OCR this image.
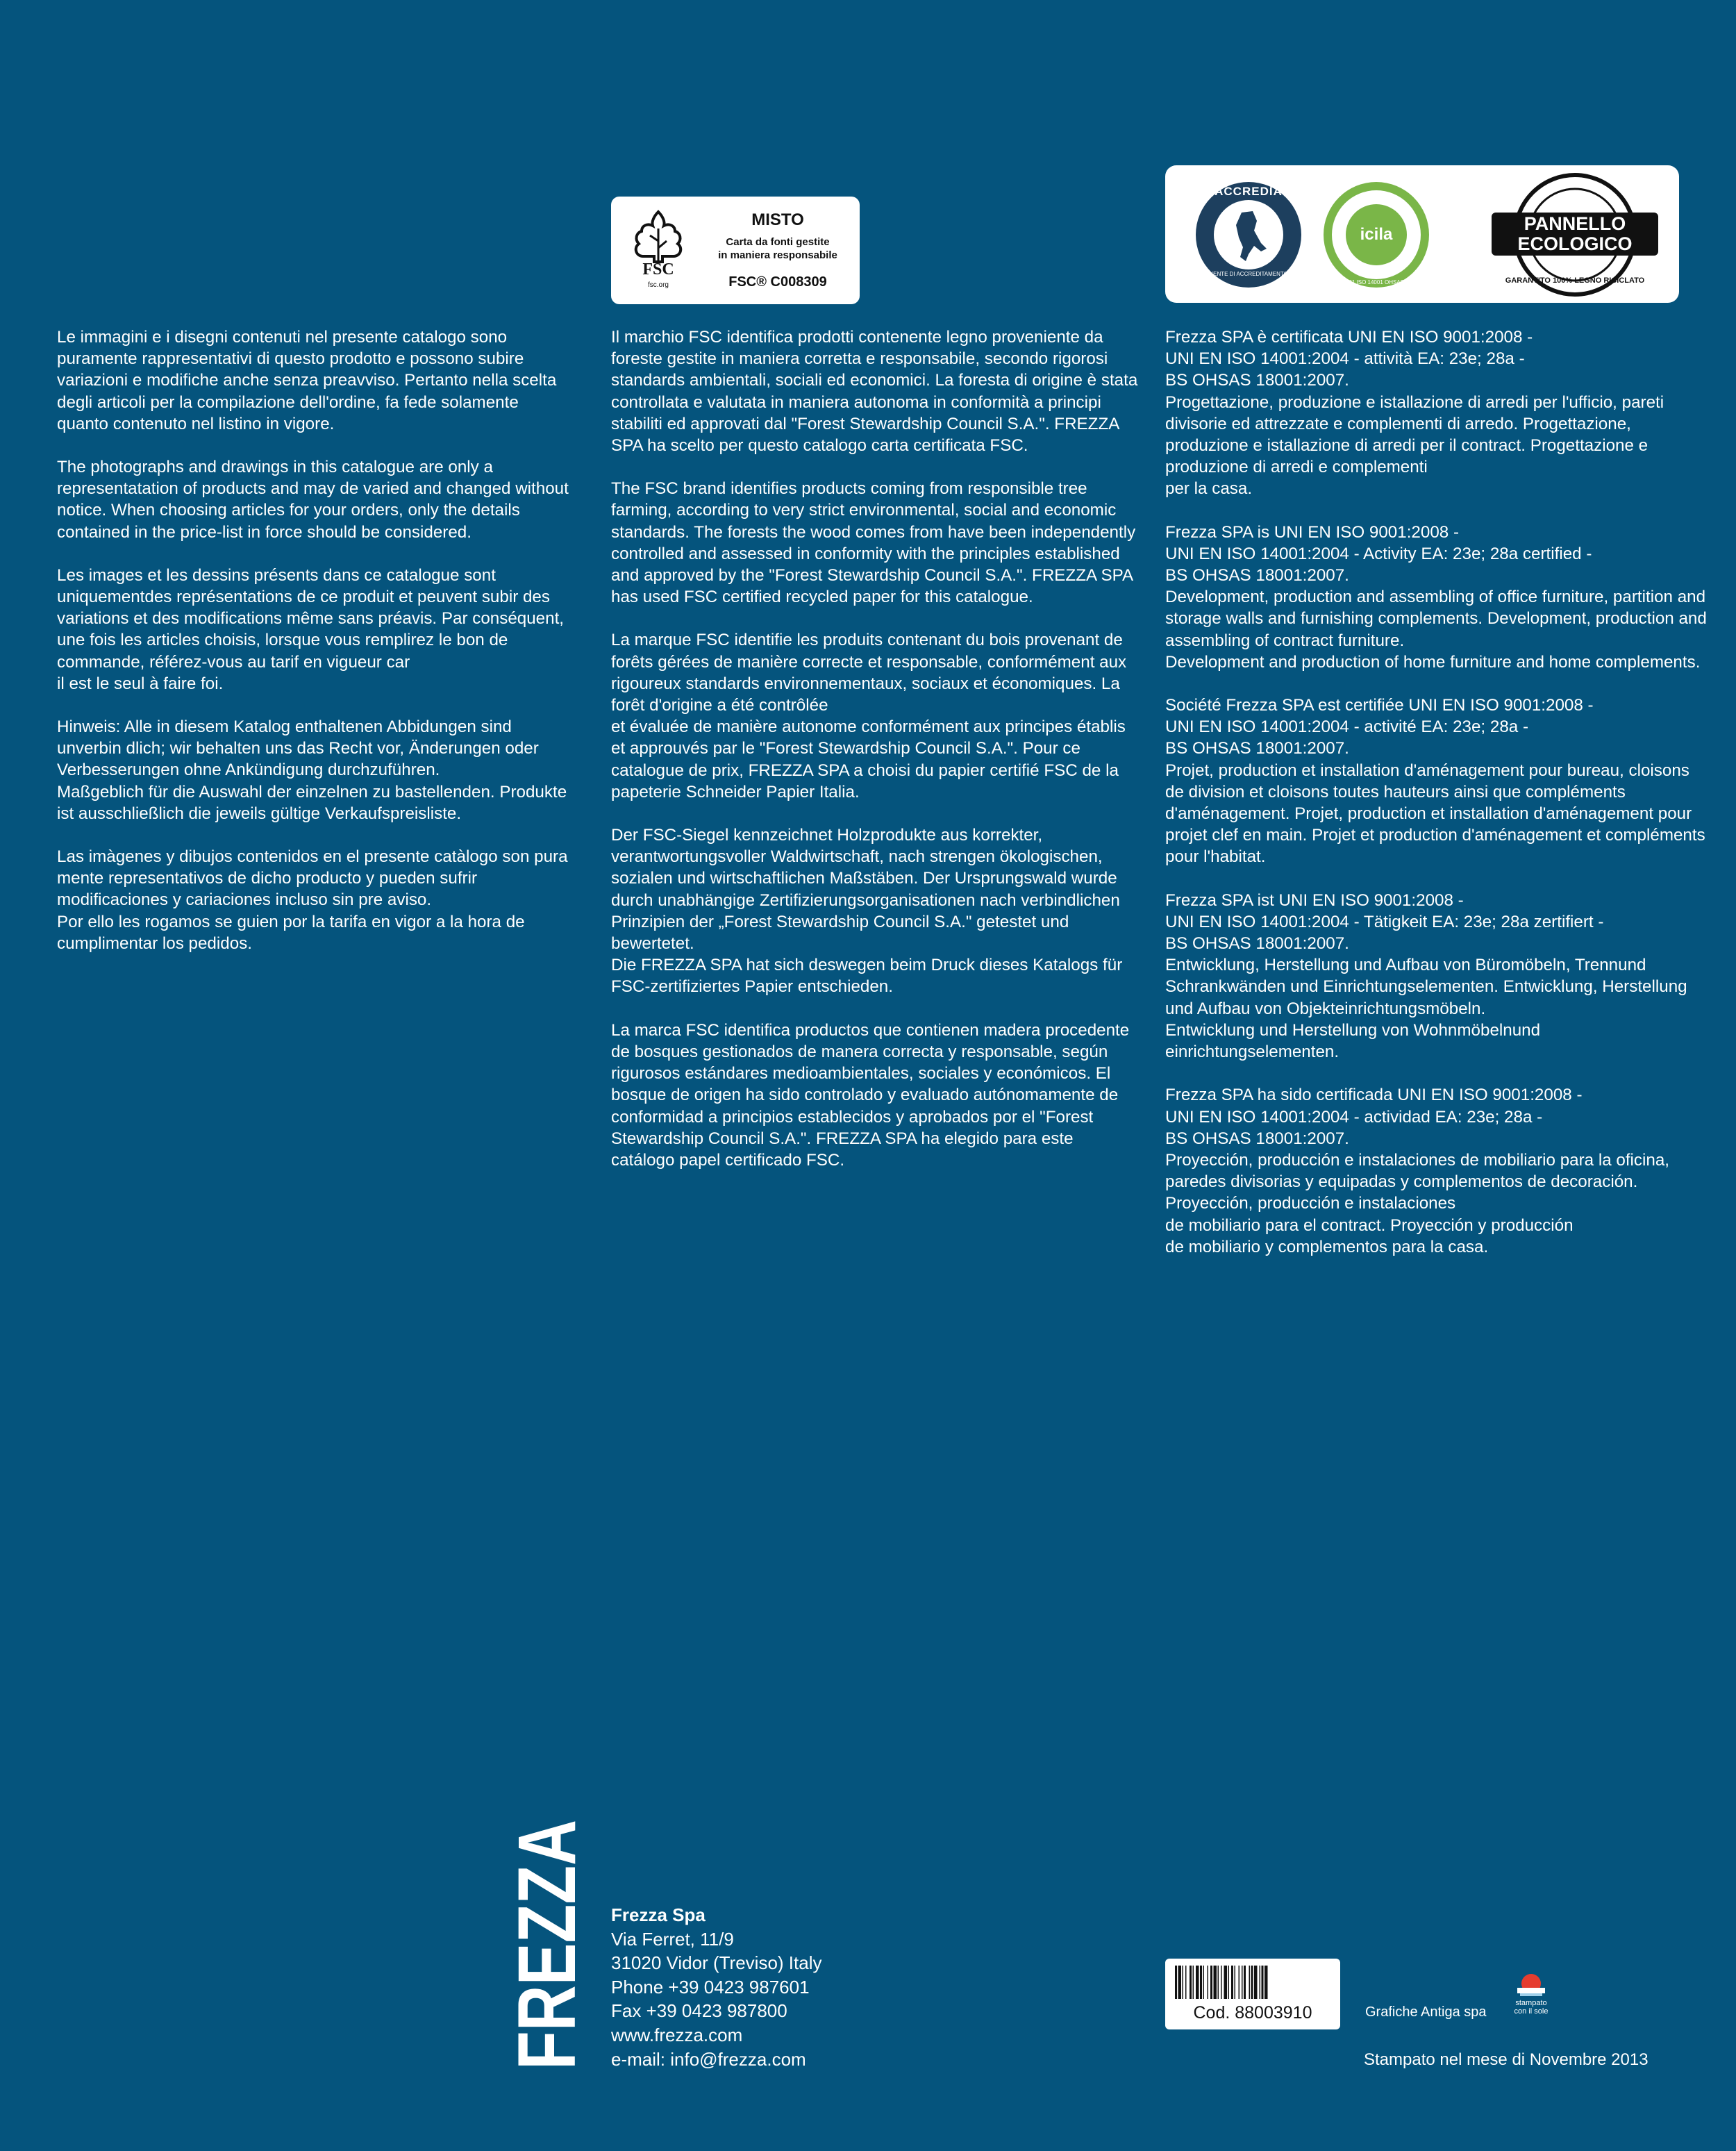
FSC
fsc.org
MISTO
Carta da fonti gestite
in maniera responsabile
FSC® C008309
ACCREDIA
L'ENTE DI ACCREDITAMENTO
icila
ISO 9001 ISO 14001 OHSAS 18001
PANNELLO ECOLOGICO
GARANTITO 100% LEGNO RICICLATO

Le immagini e i disegni contenuti nel presente catalogo sono puramente rappresentativi di questo prodotto e possono subire variazioni e modifiche anche senza preavviso. Pertanto nella scelta degli articoli per la compilazione dell'ordine, fa fede solamente quanto contenuto nel listino in vigore.

The photographs and drawings in this catalogue are only a representatation of products and may de varied and changed without notice. When choosing articles for your orders, only the details contained in the price-list in force should be considered.

Les images et les dessins présents dans ce catalogue sont uniquementdes représentations de ce produit et peuvent subir des variations et des modifications même sans préavis. Par conséquent, une fois les articles choisis, lorsque vous remplirez le bon de commande, référez-vous au tarif en vigueur car
il est le seul à faire foi.

Hinweis: Alle in diesem Katalog enthaltenen Abbidungen sind unverbin dlich; wir behalten uns das Recht vor, Änderungen oder Verbesserungen ohne Ankündigung durchzuführen.
Maßgeblich für die Auswahl der einzelnen zu bastellenden. Produkte ist ausschließlich die jeweils gültige Verkaufspreisliste.

Las imàgenes y dibujos contenidos en el presente catàlogo son pura mente representativos de dicho producto y pueden sufrir modificaciones y cariaciones incluso sin pre aviso.
Por ello les rogamos se guien por la tarifa en vigor a la hora de cumplimentar los pedidos.

Il marchio FSC identifica prodotti contenente legno proveniente da foreste gestite in maniera corretta e responsabile, secondo rigorosi standards ambientali, sociali ed economici. La foresta di origine è stata controllata e valutata in maniera autonoma in conformità a principi stabiliti ed approvati dal "Forest Stewardship Council S.A.". FREZZA SPA ha scelto per questo catalogo carta certificata FSC.

The FSC brand identifies products coming from responsible tree farming, according to very strict environmental, social and economic standards. The forests the wood comes from have been independently controlled and assessed in conformity with the principles established and approved by the "Forest Stewardship Council S.A.". FREZZA SPA has used FSC certified recycled paper for this catalogue.

La marque FSC identifie les produits contenant du bois provenant de forêts gérées de manière correcte et responsable, conformément aux rigoureux standards environnementaux, sociaux et économiques. La forêt d'origine a été contrôlée
et évaluée de manière autonome conformément aux principes établis et approuvés par le "Forest Stewardship Council S.A.". Pour ce catalogue de prix, FREZZA SPA a choisi du papier certifié FSC de la papeterie Schneider Papier Italia.

Der FSC-Siegel kennzeichnet Holzprodukte aus korrekter, verantwortungsvoller Waldwirtschaft, nach strengen ökologischen, sozialen und wirtschaftlichen Maßstäben. Der Ursprungswald wurde durch unabhängige Zertifizierungsorganisationen nach verbindlichen Prinzipien der „Forest Stewardship Council S.A." getestet und bewertetet.
Die FREZZA SPA hat sich deswegen beim Druck dieses Katalogs für FSC-zertifiziertes Papier entschieden.

La marca FSC identifica productos que contienen madera procedente de bosques gestionados de manera correcta y responsable, según rigurosos estándares medioambientales, sociales y económicos. El bosque de origen ha sido controlado y evaluado autónomamente de conformidad a principios establecidos y aprobados por el "Forest Stewardship Council S.A.". FREZZA SPA ha elegido para este catálogo papel certificado FSC.

Frezza SPA è certificata UNI EN ISO 9001:2008 -
UNI EN ISO 14001:2004 - attività EA: 23e; 28a -
BS OHSAS 18001:2007.
Progettazione, produzione e istallazione di arredi per l'ufficio, pareti divisorie ed attrezzate e complementi di arredo. Progettazione, produzione e istallazione di arredi per il contract. Progettazione e produzione di arredi e complementi
per la casa.

Frezza SPA is UNI EN ISO 9001:2008 -
UNI EN ISO 14001:2004 - Activity EA: 23e; 28a certified -
BS OHSAS 18001:2007.
Development, production and assembling of office furniture, partition and storage walls and furnishing complements. Development, production and assembling of contract furniture.
Development and production of home furniture and home complements.

Société Frezza SPA est certifiée UNI EN ISO 9001:2008 -
UNI EN ISO 14001:2004 - activité EA: 23e; 28a -
BS OHSAS 18001:2007.
Projet, production et installation d'aménagement pour bureau, cloisons de division et cloisons toutes hauteurs ainsi que compléments d'aménagement. Projet, production et installation d'aménagement pour projet clef en main. Projet et production d'aménagement et compléments pour l'habitat.

Frezza SPA ist UNI EN ISO 9001:2008 -
UNI EN ISO 14001:2004 - Tätigkeit EA: 23e; 28a zertifiert -
BS OHSAS 18001:2007.
Entwicklung, Herstellung und Aufbau von Büromöbeln, Trennund Schrankwänden und Einrichtungselementen. Entwicklung, Herstellung und Aufbau von Objekteinrichtungsmöbeln.
Entwicklung und Herstellung von Wohnmöbelnund einrichtungselementen.

Frezza SPA ha sido certificada UNI EN ISO 9001:2008 -
UNI EN ISO 14001:2004 - actividad EA: 23e; 28a -
BS OHSAS 18001:2007.
Proyección, producción e instalaciones de mobiliario para la oficina, paredes divisorias y equipadas y complementos de decoración. Proyección, producción e instalaciones
de mobiliario para el contract. Proyección y producción
de mobiliario y complementos para la casa.

FREZZA Frezza Spa
Via Ferret, 11/9
31020 Vidor (Treviso) Italy
Phone +39 0423 987601
Fax +39 0423 987800
www.frezza.com
e-mail: info@frezza.com
Cod. 88003910	Grafiche Antiga spa
stampato
con il sole
Stampato nel mese di Novembre 2013
